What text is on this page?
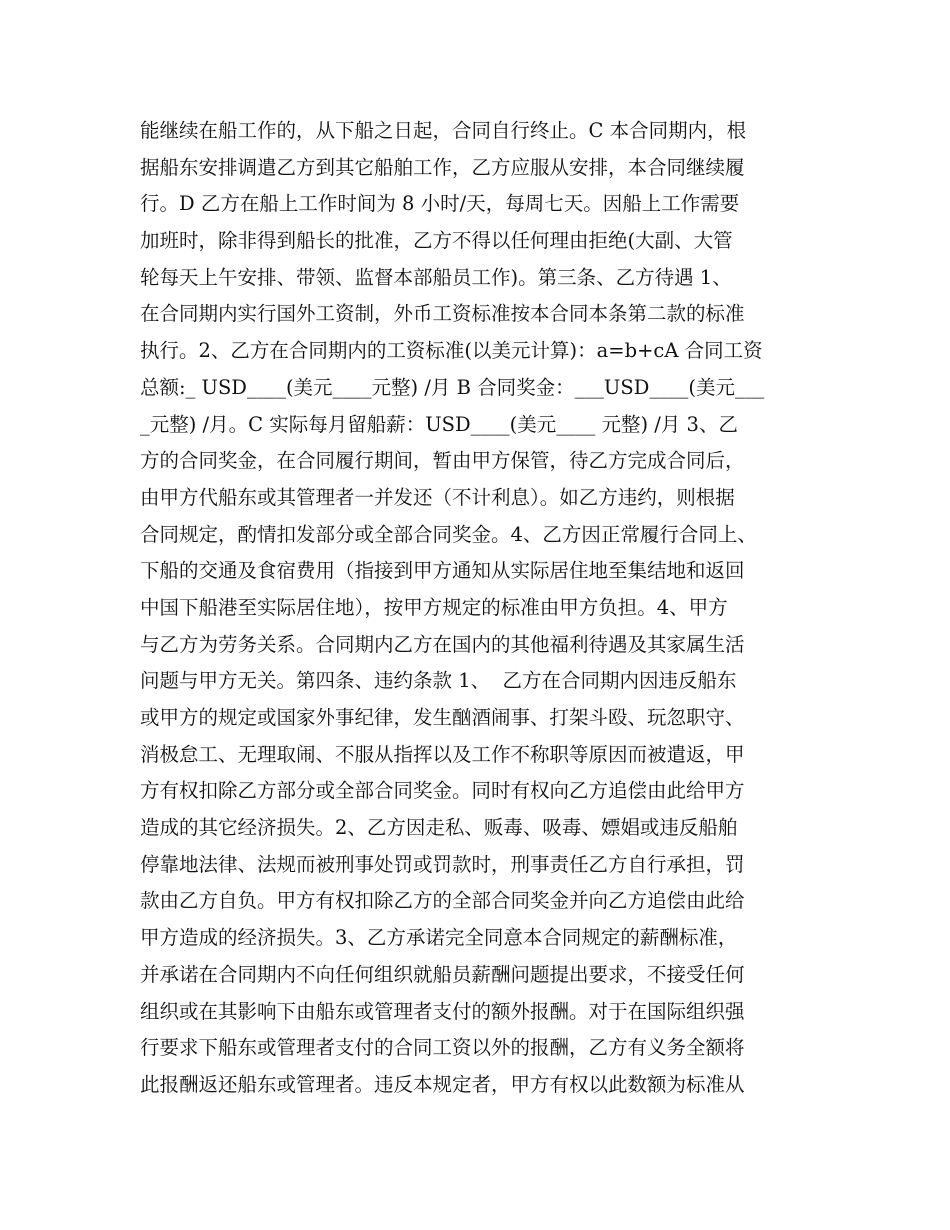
能继续在船工作的，从下船之日起，合同自行终止。C 本合同期内，根
据船东安排调遣乙方到其它船舶工作，乙方应服从安排，本合同继续履
行。D 乙方在船上工作时间为 8 小时/天，每周七天。因船上工作需要
加班时，除非得到船长的批准，乙方不得以任何理由拒绝(大副、大管
轮每天上午安排、带领、监督本部船员工作)。第三条、乙方待遇 1、
在合同期内实行国外工资制，外币工资标准按本合同本条第二款的标准
执行。2、乙方在合同期内的工资标准(以美元计算)：a=b+cA 合同工资
总额:_ USD____(美元____元整) /月 B 合同奖金：___USD____(美元___
_元整) /月。C 实际每月留船薪：USD____(美元____ 元整) /月 3、乙
方的合同奖金，在合同履行期间，暂由甲方保管，待乙方完成合同后，
由甲方代船东或其管理者一并发还（不计利息）。如乙方违约，则根据
合同规定，酌情扣发部分或全部合同奖金。4、乙方因正常履行合同上、
下船的交通及食宿费用（指接到甲方通知从实际居住地至集结地和返回
中国下船港至实际居住地），按甲方规定的标准由甲方负担。4、甲方
与乙方为劳务关系。合同期内乙方在国内的其他福利待遇及其家属生活
问题与甲方无关。第四条、违约条款 1、  乙方在合同期内因违反船东
或甲方的规定或国家外事纪律，发生酗酒闹事、打架斗殴、玩忽职守、
消极怠工、无理取闹、不服从指挥以及工作不称职等原因而被遣返，甲
方有权扣除乙方部分或全部合同奖金。同时有权向乙方追偿由此给甲方
造成的其它经济损失。2、乙方因走私、贩毒、吸毒、嫖娼或违反船舶
停靠地法律、法规而被刑事处罚或罚款时，刑事责任乙方自行承担，罚
款由乙方自负。甲方有权扣除乙方的全部合同奖金并向乙方追偿由此给
甲方造成的经济损失。3、乙方承诺完全同意本合同规定的薪酬标准，
并承诺在合同期内不向任何组织就船员薪酬问题提出要求，不接受任何
组织或在其影响下由船东或管理者支付的额外报酬。对于在国际组织强
行要求下船东或管理者支付的合同工资以外的报酬，乙方有义务全额将
此报酬返还船东或管理者。违反本规定者，甲方有权以此数额为标准从
